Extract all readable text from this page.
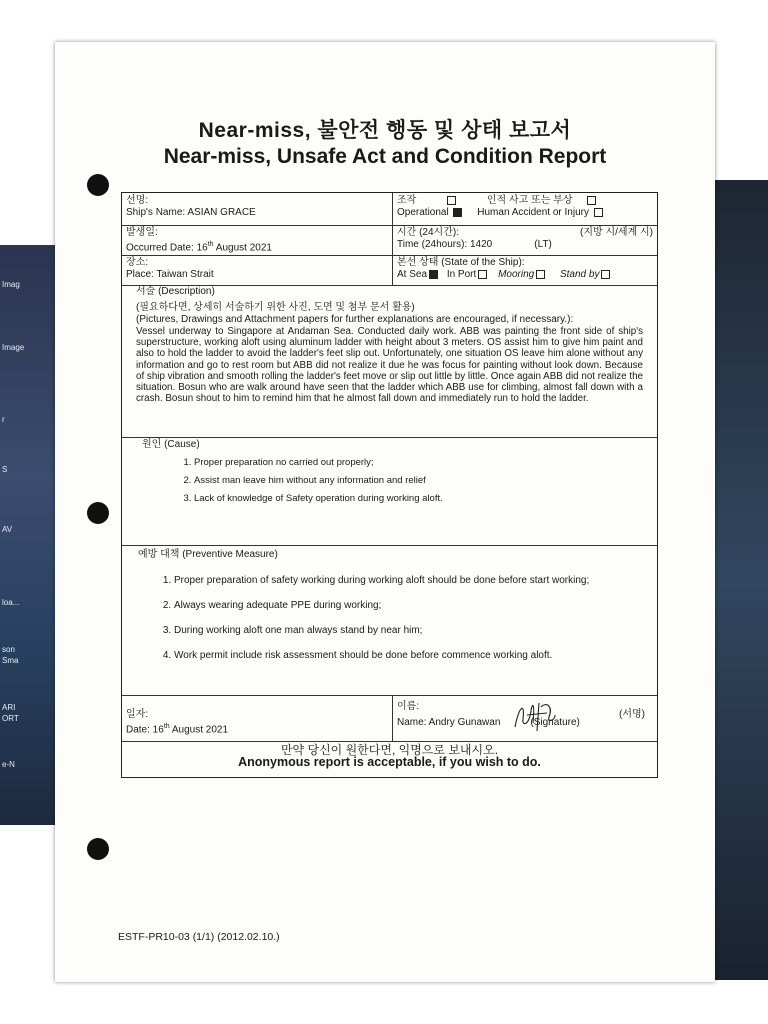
Imag
Image
r
S
AV
loa...
son
Sma
ARI
ORT
e-N
Near-miss, 불안전 행동 및 상태 보고서
Near-miss, Unsafe Act and Condition Report
선명:
Ship's Name: ASIAN GRACE
조작	인적 사고 또는 부상
Operational	Human Accident or Injury
발생일:
Occurred Date: 16th August 2021
시간 (24시간):	(지방 시/세계 시)
Time (24hours): 1420	(LT)
장소:
Place: Taiwan Strait
본선 상태 (State of the Ship):
At Sea In Port Mooring	Stand by

서술 (Description)

(필요하다면, 상세히 서술하기 위한 사진, 도면 및 첨부 문서 활용)

(Pictures, Drawings and Attachment papers for further explanations are encouraged, if necessary.):

Vessel underway to Singapore at Andaman Sea. Conducted daily work. ABB was painting the front side of ship's superstructure, working aloft using aluminum ladder with height about 3 meters. OS assist him to give him paint and also to hold the ladder to avoid the ladder's feet slip out. Unfortunately, one situation OS leave him alone without any information and go to rest room but ABB did not realize it due he was focus for painting without look down. Because of ship vibration and smooth rolling the ladder's feet move or slip out little by little. Once again ABB did not realize the situation. Bosun who are walk around have seen that the ladder which ABB use for climbing, almost fall down with a crash. Bosun shout to him to remind him that he almost fall down and immediately run to hold the ladder.

원인 (Cause)

1. Proper preparation no carried out properly;
2. Assist man leave him without any information and relief
3. Lack of knowledge of Safety operation during working aloft.

예방 대책 (Preventive Measure)

1. Proper preparation of safety working during working aloft should be done before start working;
2. Always wearing adequate PPE during working;
3. During working aloft one man always stand by near him;
4. Work permit include risk assessment should be done before commence working aloft.
일자:
Date: 16th August 2021
이름:
(서명)
Name: Andry Gunawan	(Signature)
만약 당신이 원한다면, 익명으로 보내시오.
Anonymous report is acceptable, if you wish to do.
ESTF-PR10-03 (1/1) (2012.02.10.)
